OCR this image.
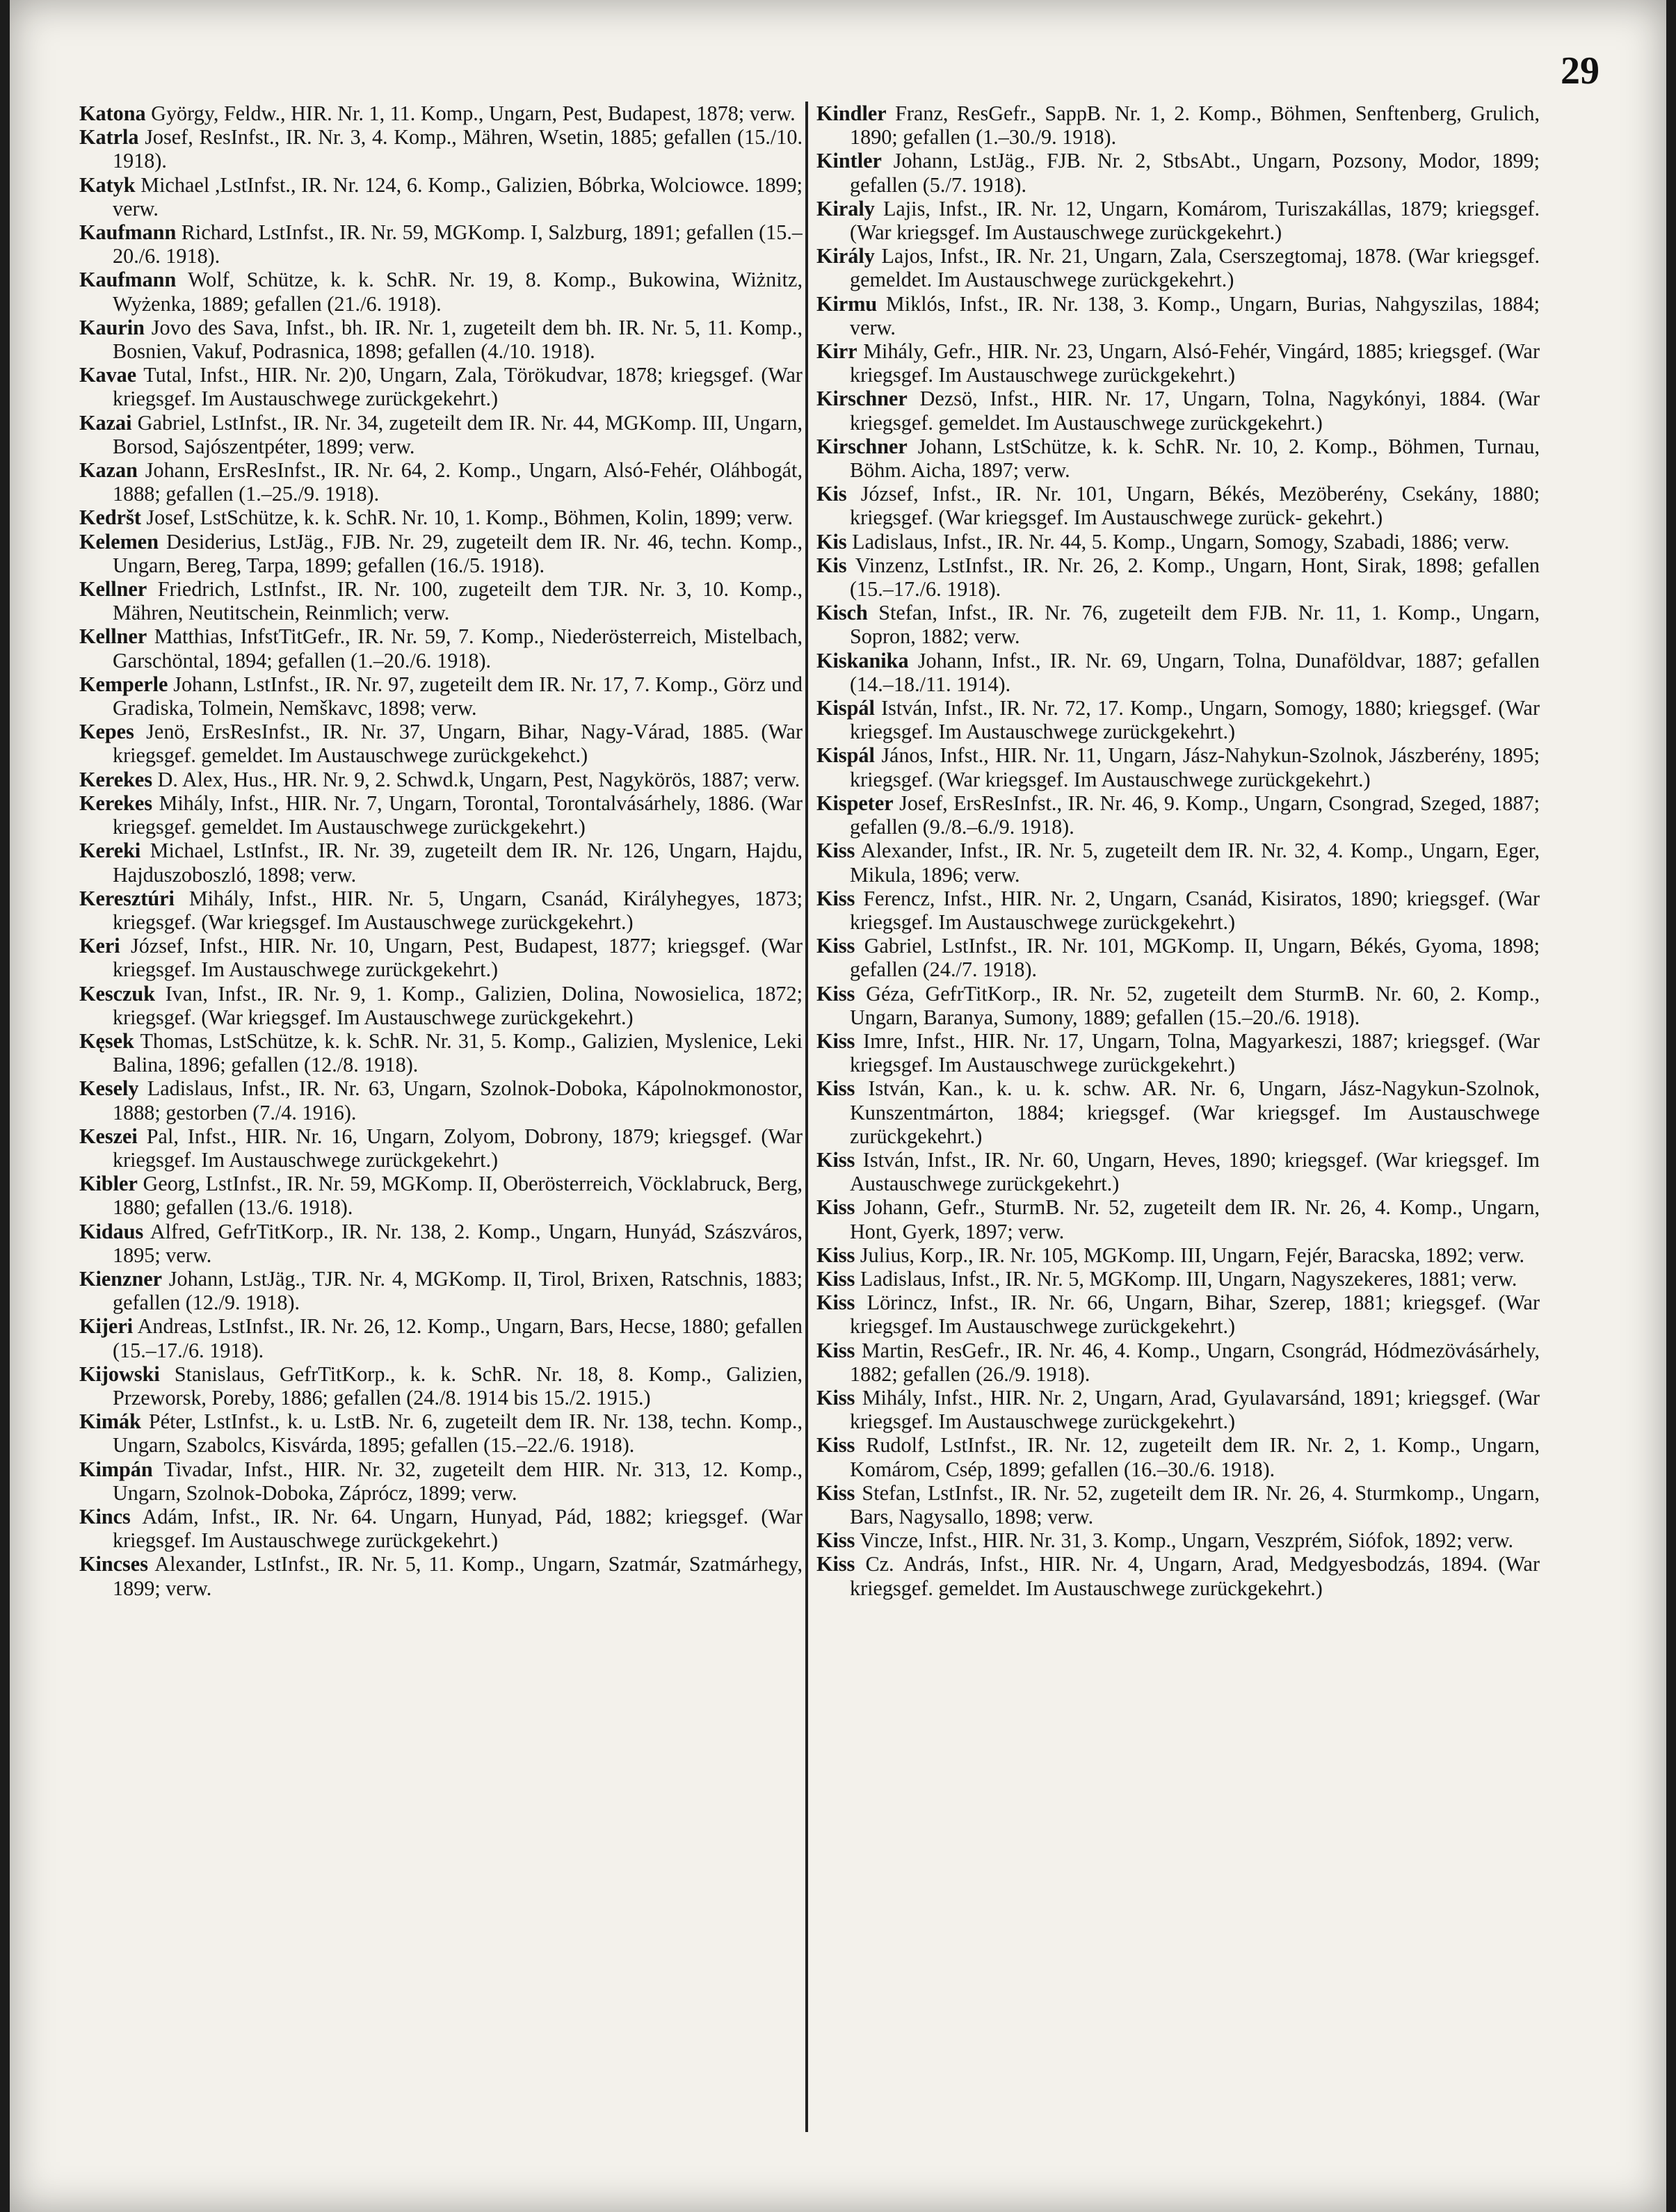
29

Katona György, Feldw., HIR. Nr. 1, 11. Komp., Ungarn, Pest, Budapest, 1878; verw.

Katrla Josef, ResInfst., IR. Nr. 3, 4. Komp., Mähren, Wsetin, 1885; gefallen (15./10. 1918).

Katyk Michael ,LstInfst., IR. Nr. 124, 6. Komp., Galizien, Bóbrka, Wolciowce. 1899; verw.

Kaufmann Richard, LstInfst., IR. Nr. 59, MGKomp. I, Salzburg, 1891; gefallen (15.–20./6. 1918).

Kaufmann Wolf, Schütze, k. k. SchR. Nr. 19, 8. Komp., Bukowina, Wiżnitz, Wyżenka, 1889; gefallen (21./6. 1918).

Kaurin Jovo des Sava, Infst., bh. IR. Nr. 1, zugeteilt dem bh. IR. Nr. 5, 11. Komp., Bosnien, Vakuf, Podrasnica, 1898; gefallen (4./10. 1918).

Kavae Tutal, Infst., HIR. Nr. 2)0, Ungarn, Zala, Törökudvar, 1878; kriegsgef. (War kriegsgef. Im Austauschwege zurückgekehrt.)

Kazai Gabriel, LstInfst., IR. Nr. 34, zugeteilt dem IR. Nr. 44, MGKomp. III, Ungarn, Borsod, Sajószentpéter, 1899; verw.

Kazan Johann, ErsResInfst., IR. Nr. 64, 2. Komp., Ungarn, Alsó-Fehér, Oláhbogát, 1888; gefallen (1.–25./9. 1918).

Kedršt Josef, LstSchütze, k. k. SchR. Nr. 10, 1. Komp., Böhmen, Kolin, 1899; verw.

Kelemen Desiderius, LstJäg., FJB. Nr. 29, zugeteilt dem IR. Nr. 46, techn. Komp., Ungarn, Bereg, Tarpa, 1899; gefallen (16./5. 1918).

Kellner Friedrich, LstInfst., IR. Nr. 100, zugeteilt dem TJR. Nr. 3, 10. Komp., Mähren, Neutitschein, Reinmlich; verw.

Kellner Matthias, InfstTitGefr., IR. Nr. 59, 7. Komp., Niederösterreich, Mistelbach, Garschöntal, 1894; gefallen (1.–20./6. 1918).

Kemperle Johann, LstInfst., IR. Nr. 97, zugeteilt dem IR. Nr. 17, 7. Komp., Görz und Gradiska, Tolmein, Nemškavc, 1898; verw.

Kepes Jenö, ErsResInfst., IR. Nr. 37, Ungarn, Bihar, Nagy-Várad, 1885. (War kriegsgef. gemeldet. Im Austauschwege zurückgekehct.)

Kerekes D. Alex, Hus., HR. Nr. 9, 2. Schwd.k, Ungarn, Pest, Nagykörös, 1887; verw.

Kerekes Mihály, Infst., HIR. Nr. 7, Ungarn, Torontal, Torontalvásárhely, 1886. (War kriegsgef. gemeldet. Im Austauschwege zurückgekehrt.)

Kereki Michael, LstInfst., IR. Nr. 39, zugeteilt dem IR. Nr. 126, Ungarn, Hajdu, Hajduszoboszló, 1898; verw.

Keresztúri Mihály, Infst., HIR. Nr. 5, Ungarn, Csanád, Királyhegyes, 1873; kriegsgef. (War kriegsgef. Im Austauschwege zurückgekehrt.)

Keri József, Infst., HIR. Nr. 10, Ungarn, Pest, Budapest, 1877; kriegsgef. (War kriegsgef. Im Austauschwege zurückgekehrt.)

Kesczuk Ivan, Infst., IR. Nr. 9, 1. Komp., Galizien, Dolina, Nowosielica, 1872; kriegsgef. (War kriegsgef. Im Austauschwege zurückgekehrt.)

Kęsek Thomas, LstSchütze, k. k. SchR. Nr. 31, 5. Komp., Galizien, Myslenice, Leki Balina, 1896; gefallen (12./8. 1918).

Kesely Ladislaus, Infst., IR. Nr. 63, Ungarn, Szolnok-Doboka, Kápolnokmonostor, 1888; gestorben (7./4. 1916).

Keszei Pal, Infst., HIR. Nr. 16, Ungarn, Zolyom, Dobrony, 1879; kriegsgef. (War kriegsgef. Im Austauschwege zurückgekehrt.)

Kibler Georg, LstInfst., IR. Nr. 59, MGKomp. II, Oberösterreich, Vöcklabruck, Berg, 1880; gefallen (13./6. 1918).

Kidaus Alfred, GefrTitKorp., IR. Nr. 138, 2. Komp., Ungarn, Hunyád, Szászváros, 1895; verw.

Kienzner Johann, LstJäg., TJR. Nr. 4, MGKomp. II, Tirol, Brixen, Ratschnis, 1883; gefallen (12./9. 1918).

Kijeri Andreas, LstInfst., IR. Nr. 26, 12. Komp., Ungarn, Bars, Hecse, 1880; gefallen (15.–17./6. 1918).

Kijowski Stanislaus, GefrTitKorp., k. k. SchR. Nr. 18, 8. Komp., Galizien, Przeworsk, Poreby, 1886; gefallen (24./8. 1914 bis 15./2. 1915.)

Kimák Péter, LstInfst., k. u. LstB. Nr. 6, zugeteilt dem IR. Nr. 138, techn. Komp., Ungarn, Szabolcs, Kisvárda, 1895; gefallen (15.–22./6. 1918).

Kimpán Tivadar, Infst., HIR. Nr. 32, zugeteilt dem HIR. Nr. 313, 12. Komp., Ungarn, Szolnok-Doboka, Záprócz, 1899; verw.

Kincs Adám, Infst., IR. Nr. 64. Ungarn, Hunyad, Pád, 1882; kriegsgef. (War kriegsgef. Im Austauschwege zurückgekehrt.)

Kincses Alexander, LstInfst., IR. Nr. 5, 11. Komp., Ungarn, Szatmár, Szatmárhegy, 1899; verw.

Kindler Franz, ResGefr., SappB. Nr. 1, 2. Komp., Böhmen, Senftenberg, Grulich, 1890; gefallen (1.–30./9. 1918).

Kintler Johann, LstJäg., FJB. Nr. 2, StbsAbt., Ungarn, Pozsony, Modor, 1899; gefallen (5./7. 1918).

Kiraly Lajis, Infst., IR. Nr. 12, Ungarn, Komárom, Turiszakállas, 1879; kriegsgef. (War kriegsgef. Im Austauschwege zurückgekehrt.)

Király Lajos, Infst., IR. Nr. 21, Ungarn, Zala, Cserszegtomaj, 1878. (War kriegsgef. gemeldet. Im Austauschwege zurückgekehrt.)

Kirmu Miklós, Infst., IR. Nr. 138, 3. Komp., Ungarn, Burias, Nahgyszilas, 1884; verw.

Kirr Mihály, Gefr., HIR. Nr. 23, Ungarn, Alsó-Fehér, Vingárd, 1885; kriegsgef. (War kriegsgef. Im Austauschwege zurückgekehrt.)

Kirschner Dezsö, Infst., HIR. Nr. 17, Ungarn, Tolna, Nagykónyi, 1884. (War kriegsgef. gemeldet. Im Austauschwege zurückgekehrt.)

Kirschner Johann, LstSchütze, k. k. SchR. Nr. 10, 2. Komp., Böhmen, Turnau, Böhm. Aicha, 1897; verw.

Kis József, Infst., IR. Nr. 101, Ungarn, Békés, Mezöberény, Csekány, 1880; kriegsgef. (War kriegsgef. Im Austauschwege zurück- gekehrt.)

Kis Ladislaus, Infst., IR. Nr. 44, 5. Komp., Ungarn, Somogy, Szabadi, 1886; verw.

Kis Vinzenz, LstInfst., IR. Nr. 26, 2. Komp., Ungarn, Hont, Sirak, 1898; gefallen (15.–17./6. 1918).

Kisch Stefan, Infst., IR. Nr. 76, zugeteilt dem FJB. Nr. 11, 1. Komp., Ungarn, Sopron, 1882; verw.

Kiskanika Johann, Infst., IR. Nr. 69, Ungarn, Tolna, Dunaföldvar, 1887; gefallen (14.–18./11. 1914).

Kispál István, Infst., IR. Nr. 72, 17. Komp., Ungarn, Somogy, 1880; kriegsgef. (War kriegsgef. Im Austauschwege zurückgekehrt.)

Kispál János, Infst., HIR. Nr. 11, Ungarn, Jász-Nahykun-Szolnok, Jászberény, 1895; kriegsgef. (War kriegsgef. Im Austauschwege zurückgekehrt.)

Kispeter Josef, ErsResInfst., IR. Nr. 46, 9. Komp., Ungarn, Csongrad, Szeged, 1887; gefallen (9./8.–6./9. 1918).

Kiss Alexander, Infst., IR. Nr. 5, zugeteilt dem IR. Nr. 32, 4. Komp., Ungarn, Eger, Mikula, 1896; verw.

Kiss Ferencz, Infst., HIR. Nr. 2, Ungarn, Csanád, Kisiratos, 1890; kriegsgef. (War kriegsgef. Im Austauschwege zurückgekehrt.)

Kiss Gabriel, LstInfst., IR. Nr. 101, MGKomp. II, Ungarn, Békés, Gyoma, 1898; gefallen (24./7. 1918).

Kiss Géza, GefrTitKorp., IR. Nr. 52, zugeteilt dem SturmB. Nr. 60, 2. Komp., Ungarn, Baranya, Sumony, 1889; gefallen (15.–20./6. 1918).

Kiss Imre, Infst., HIR. Nr. 17, Ungarn, Tolna, Magyarkeszi, 1887; kriegsgef. (War kriegsgef. Im Austauschwege zurückgekehrt.)

Kiss István, Kan., k. u. k. schw. AR. Nr. 6, Ungarn, Jász-Nagykun-Szolnok, Kunszentmárton, 1884; kriegsgef. (War kriegsgef. Im Austauschwege zurückgekehrt.)

Kiss István, Infst., IR. Nr. 60, Ungarn, Heves, 1890; kriegsgef. (War kriegsgef. Im Austauschwege zurückgekehrt.)

Kiss Johann, Gefr., SturmB. Nr. 52, zugeteilt dem IR. Nr. 26, 4. Komp., Ungarn, Hont, Gyerk, 1897; verw.

Kiss Julius, Korp., IR. Nr. 105, MGKomp. III, Ungarn, Fejér, Baracska, 1892; verw.

Kiss Ladislaus, Infst., IR. Nr. 5, MGKomp. III, Ungarn, Nagyszekeres, 1881; verw.

Kiss Lörincz, Infst., IR. Nr. 66, Ungarn, Bihar, Szerep, 1881; kriegsgef. (War kriegsgef. Im Austauschwege zurückgekehrt.)

Kiss Martin, ResGefr., IR. Nr. 46, 4. Komp., Ungarn, Csongrád, Hódmezövásárhely, 1882; gefallen (26./9. 1918).

Kiss Mihály, Infst., HIR. Nr. 2, Ungarn, Arad, Gyulavarsánd, 1891; kriegsgef. (War kriegsgef. Im Austauschwege zurückgekehrt.)

Kiss Rudolf, LstInfst., IR. Nr. 12, zugeteilt dem IR. Nr. 2, 1. Komp., Ungarn, Komárom, Csép, 1899; gefallen (16.–30./6. 1918).

Kiss Stefan, LstInfst., IR. Nr. 52, zugeteilt dem IR. Nr. 26, 4. Sturmkomp., Ungarn, Bars, Nagysallo, 1898; verw.

Kiss Vincze, Infst., HIR. Nr. 31, 3. Komp., Ungarn, Veszprém, Siófok, 1892; verw.

Kiss Cz. András, Infst., HIR. Nr. 4, Ungarn, Arad, Medgyesbodzás, 1894. (War kriegsgef. gemeldet. Im Austauschwege zurückgekehrt.)
